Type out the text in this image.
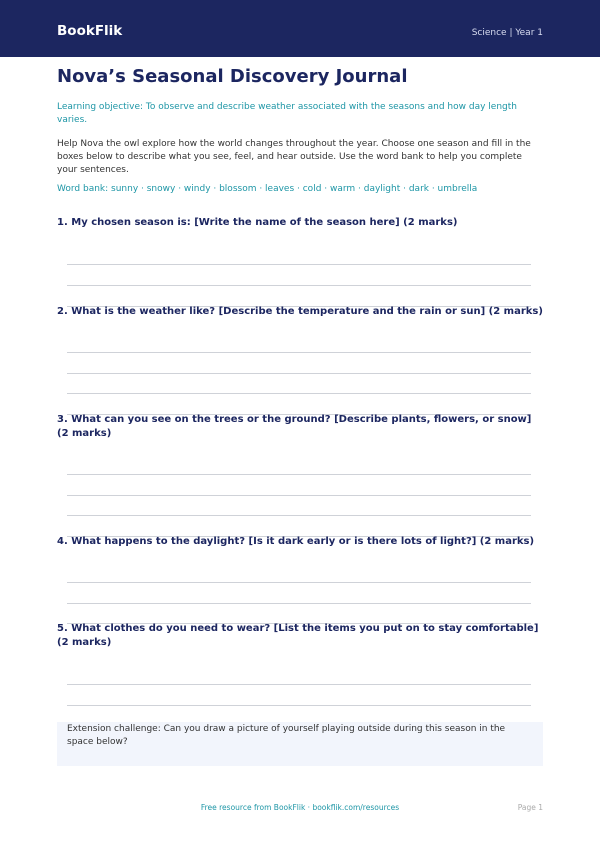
BookFlik	Science | Year 1
Nova’s Seasonal Discovery Journal
Learning objective: To observe and describe weather associated with the seasons and how day length varies.
Help Nova the owl explore how the world changes throughout the year. Choose one season and fill in the boxes below to describe what you see, feel, and hear outside. Use the word bank to help you complete your sentences.
Word bank: sunny · snowy · windy · blossom · leaves · cold · warm · daylight · dark · umbrella
1. My chosen season is: [Write the name of the season here] (2 marks)
2. What is the weather like? [Describe the temperature and the rain or sun] (2 marks)
3. What can you see on the trees or the ground? [Describe plants, flowers, or snow] (2 marks)
4. What happens to the daylight? [Is it dark early or is there lots of light?] (2 marks)
5. What clothes do you need to wear? [List the items you put on to stay comfortable] (2 marks)
Extension challenge: Can you draw a picture of yourself playing outside during this season in the space below?
Free resource from BookFlik · bookflik.com/resources	Page 1
